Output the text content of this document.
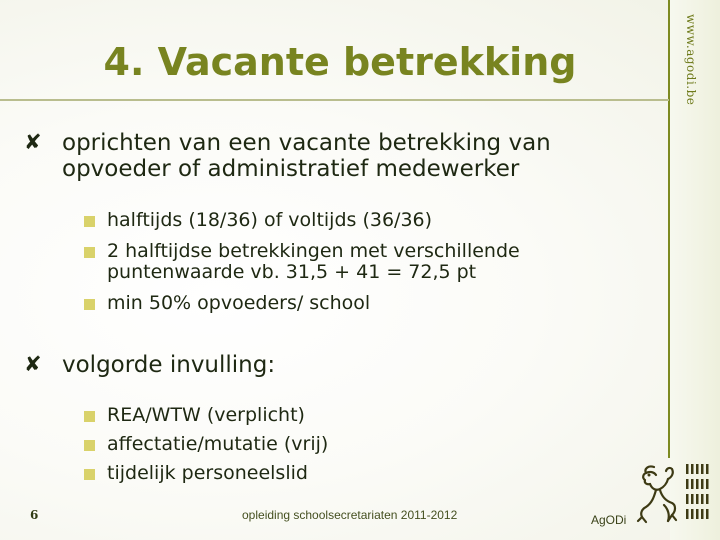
www.agodi.be
4. Vacante betrekking
✘ oprichten van een vacante betrekking van opvoeder of administratief medewerker
halftijds (18/36) of voltijds (36/36)
2 halftijdse betrekkingen met verschillende puntenwaarde vb. 31,5 + 41 = 72,5 pt
min 50% opvoeders/ school
✘ volgorde invulling:
REA/WTW (verplicht)
affectatie/mutatie (vrij)
tijdelijk personeelslid
6	opleiding schoolsecretariaten 2011-2012	AgODi
